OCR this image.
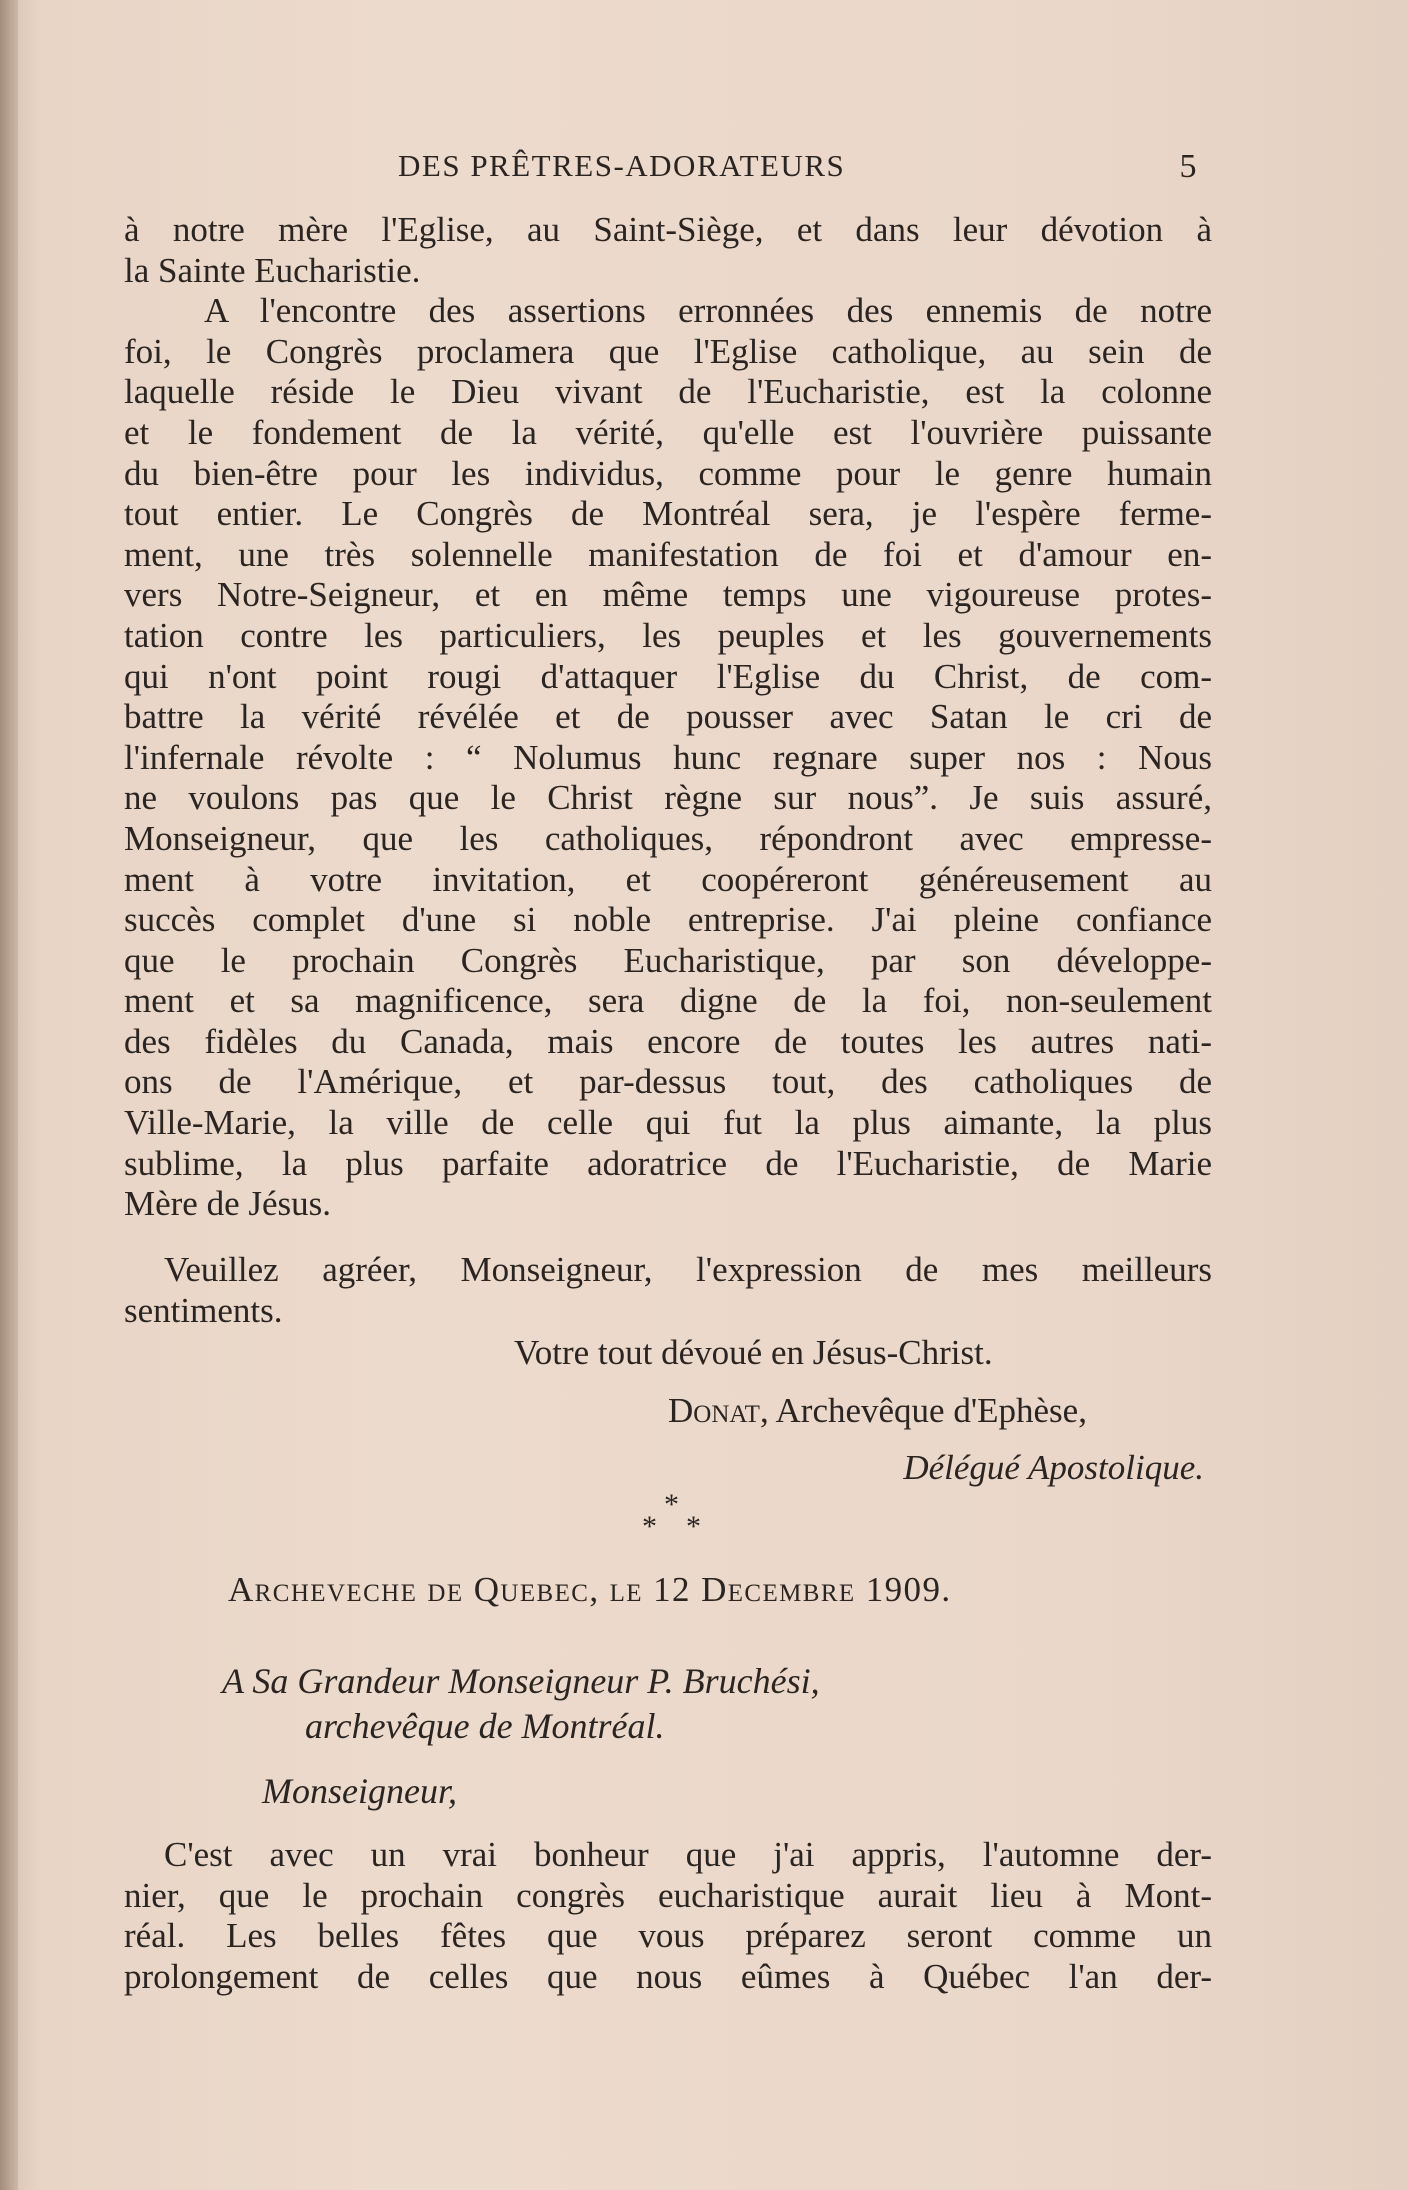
DES PRÊTRES-ADORATEURS	5
à notre mère l'Eglise, au Saint-Siège, et dans leur dévotion à
la Sainte Eucharistie.
A l'encontre des assertions erronnées des ennemis de notre
foi, le Congrès proclamera que l'Eglise catholique, au sein de
laquelle réside le Dieu vivant de l'Eucharistie, est la colonne
et le fondement de la vérité, qu'elle est l'ouvrière puissante
du bien-être pour les individus, comme pour le genre humain
tout entier. Le Congrès de Montréal sera, je l'espère ferme-
ment, une très solennelle manifestation de foi et d'amour en-
vers Notre-Seigneur, et en même temps une vigoureuse protes-
tation contre les particuliers, les peuples et les gouvernements
qui n'ont point rougi d'attaquer l'Eglise du Christ, de com-
battre la vérité révélée et de pousser avec Satan le cri de
l'infernale révolte : “ Nolumus hunc regnare super nos : Nous
ne voulons pas que le Christ règne sur nous”. Je suis assuré,
Monseigneur, que les catholiques, répondront avec empresse-
ment à votre invitation, et coopéreront généreusement au
succès complet d'une si noble entreprise. J'ai pleine confiance
que le prochain Congrès Eucharistique, par son développe-
ment et sa magnificence, sera digne de la foi, non-seulement
des fidèles du Canada, mais encore de toutes les autres nati-
ons de l'Amérique, et par-dessus tout, des catholiques de
Ville-Marie, la ville de celle qui fut la plus aimante, la plus
sublime, la plus parfaite adoratrice de l'Eucharistie, de Marie
Mère de Jésus.
Veuillez agréer, Monseigneur, l'expression de mes meilleurs
sentiments.
Votre tout dévoué en Jésus-Christ.
Donat, Archevêque d'Ephèse,
Délégué Apostolique.
*
* *
Archeveche de Quebec, le 12 Decembre 1909.
A Sa Grandeur Monseigneur P. Bruchési,
archevêque de Montréal.
Monseigneur,
C'est avec un vrai bonheur que j'ai appris, l'automne der-
nier, que le prochain congrès eucharistique aurait lieu à Mont-
réal. Les belles fêtes que vous préparez seront comme un
prolongement de celles que nous eûmes à Québec l'an der-
